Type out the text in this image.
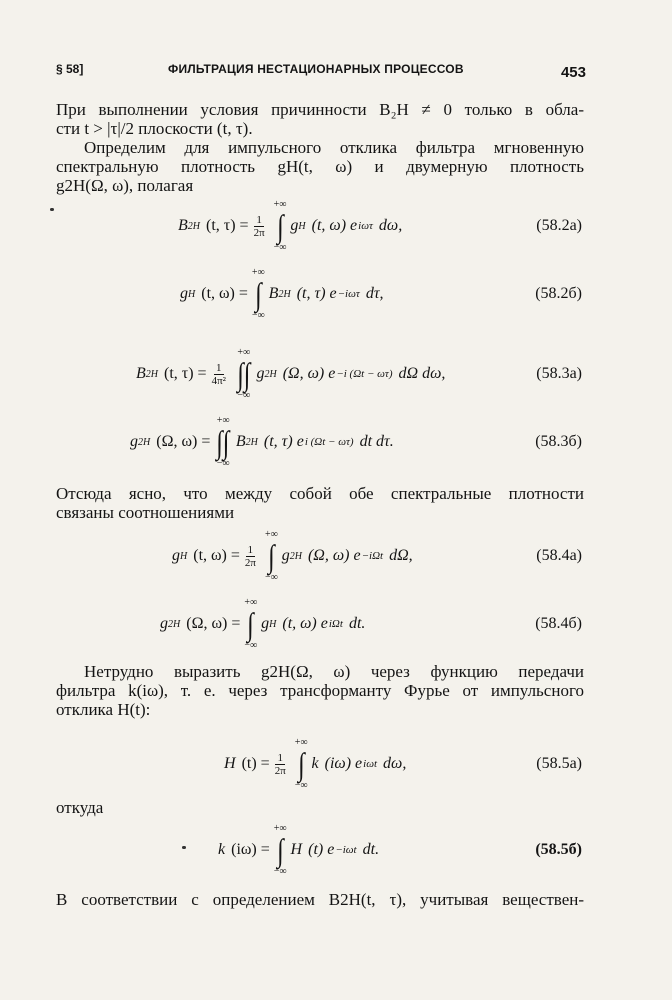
§ 58]	ФИЛЬТРАЦИЯ НЕСТАЦИОНАРНЫХ ПРОЦЕССОВ	453
При выполнении условия причинности B₂H ≠ 0 только в обла-
сти t > |τ|/2 плоскости (t, τ).
Определим для импульсного отклика фильтра мгновенную
спектральную плотность gH(t, ω) и двумерную плотность
g2H(Ω, ω), полагая
B 2H (t, $\tau) = \frac{1}{2\pi}$
+∞
∫
−∞
g H (t, ω) e iωτ dω,	(58.2а)
g H (t, ω) =
+∞
∫
−∞
B 2H (t, τ) e −iωτ dτ,	(58.2б)
B 2H (t, $\tau) = \frac{1}{\text{4π²}}$
+∞
∫∫
−∞
g 2H (Ω, ω) e −i (Ωt − ωτ) dΩ dω,	(58.3а)
g 2H (Ω, ω) =
+∞
∫∫
−∞
B 2H (t, τ) e i (Ωt − ωτ) dt dτ.	(58.3б)
Отсюда ясно, что между собой обе спектральные плотности
связаны соотношениями
g H (t, $\omega) = \frac{1}{2\pi}$
+∞
∫
−∞
g 2H (Ω, ω) e −iΩt dΩ,	(58.4а)
g 2H (Ω, ω) =
+∞
∫
−∞
g H (t, ω) e iΩt dt.	(58.4б)
Нетрудно выразить g2H(Ω, ω) через функцию передачи
фильтра k(iω), т. е. через трансформанту Фурье от импульсного
отклика H(t):
H $(t) = \frac{1}{2\pi}$
+∞
∫
−∞
k (iω) e iωt dω,	(58.5а)
откуда
k (iω) =
+∞
∫
−∞
H (t) e −iωt dt.	(58.5б)
В соответствии с определением B2H(t, τ), учитывая веществен-
